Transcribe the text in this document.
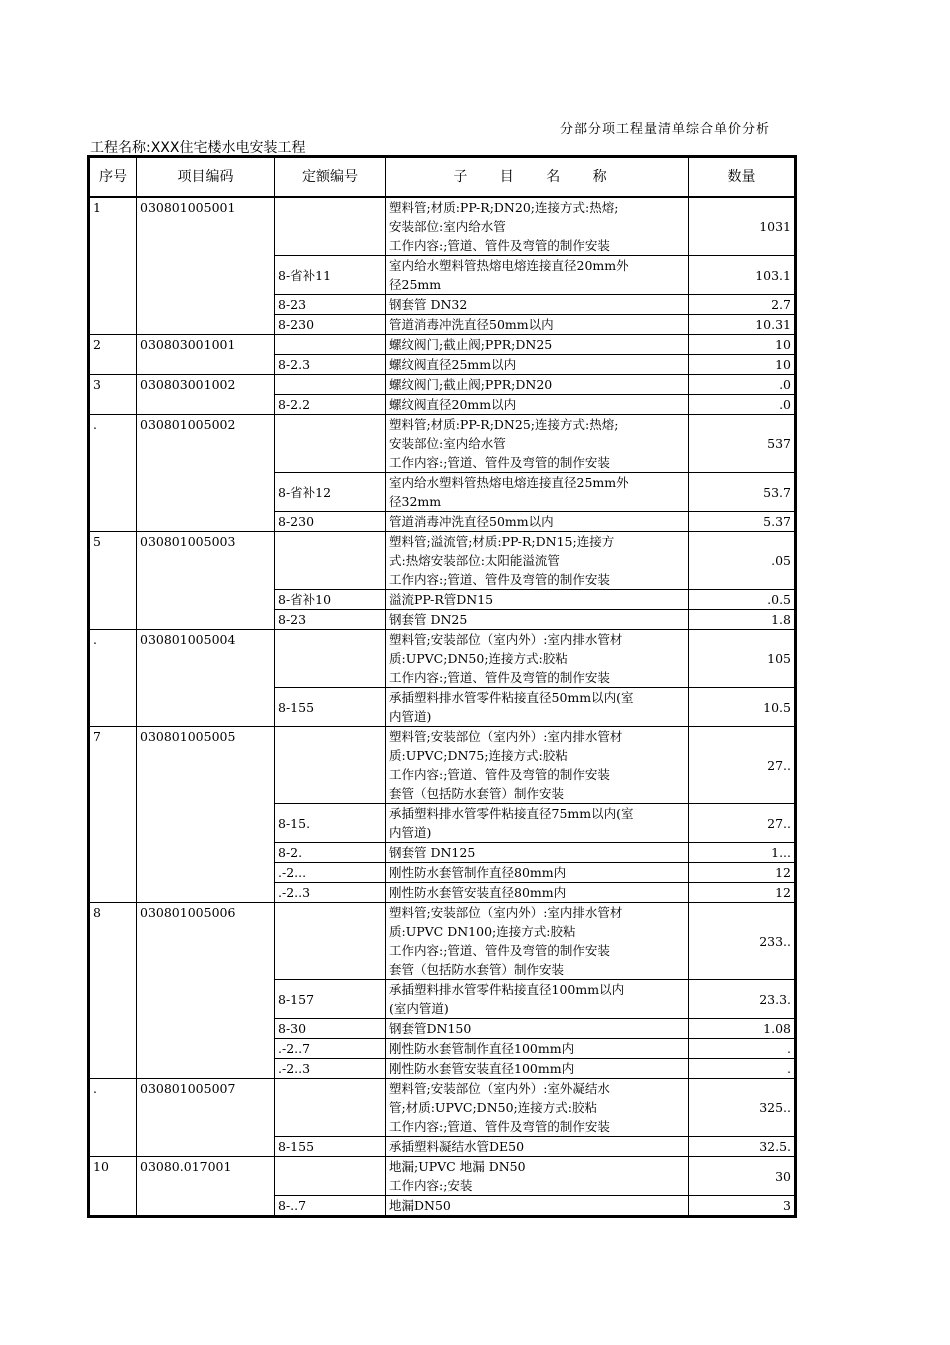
分部分项工程量清单综合单价分析
工程名称:XXX住宅楼水电安装工程
序号	项目编码	定额编号	子 目 名 称	数量
1	030801005001		塑料管;材质:PP-R;DN20;连接方式:热熔;
安装部位:室内给水管
工作内容:;管道、管件及弯管的制作安装	1031
		8-省补11	室内给水塑料管热熔电熔连接直径20mm外
径25mm	103.1
		8-23	钢套管 DN32	2.7
		8-230	管道消毒冲洗直径50mm以内	10.31
2	030803001001		螺纹阀门;截止阀;PPR;DN25	10
		8-2.3	螺纹阀直径25mm以内	10
3	030803001002		螺纹阀门;截止阀;PPR;DN20	.0
		8-2.2	螺纹阀直径20mm以内	.0
.	030801005002		塑料管;材质:PP-R;DN25;连接方式:热熔;
安装部位:室内给水管
工作内容:;管道、管件及弯管的制作安装	537
		8-省补12	室内给水塑料管热熔电熔连接直径25mm外
径32mm	53.7
		8-230	管道消毒冲洗直径50mm以内	5.37
5	030801005003		塑料管;溢流管;材质:PP-R;DN15;连接方
式:热熔安装部位:太阳能溢流管
工作内容:;管道、管件及弯管的制作安装	.05
		8-省补10	溢流PP-R管DN15	.0.5
		8-23	钢套管 DN25	1.8
.	030801005004		塑料管;安装部位（室内外）:室内排水管材
质:UPVC;DN50;连接方式:胶粘
工作内容:;管道、管件及弯管的制作安装	105
		8-155	承插塑料排水管零件粘接直径50mm以内(室
内管道)	10.5
7	030801005005		塑料管;安装部位（室内外）:室内排水管材
质:UPVC;DN75;连接方式:胶粘
工作内容:;管道、管件及弯管的制作安装
套管（包括防水套管）制作安装	27..
		8-15.	承插塑料排水管零件粘接直径75mm以内(室
内管道)	27..
		8-2.	钢套管 DN125	1...
		.-2...	刚性防水套管制作直径80mm内	12
		.-2..3	刚性防水套管安装直径80mm内	12
8	030801005006		塑料管;安装部位（室内外）:室内排水管材
质:UPVC DN100;连接方式:胶粘
工作内容:;管道、管件及弯管的制作安装
套管（包括防水套管）制作安装	233..
		8-157	承插塑料排水管零件粘接直径100mm以内
(室内管道)	23.3.
		8-30	钢套管DN150	1.08
		.-2..7	刚性防水套管制作直径100mm内	.
		.-2..3	刚性防水套管安装直径100mm内	.
.	030801005007		塑料管;安装部位（室内外）:室外凝结水
管;材质:UPVC;DN50;连接方式:胶粘
工作内容:;管道、管件及弯管的制作安装	325..
		8-155	承插塑料凝结水管DE50	32.5.
10	03080.017001		地漏;UPVC 地漏 DN50
工作内容:;安装	30
		8-..7	地漏DN50	3
